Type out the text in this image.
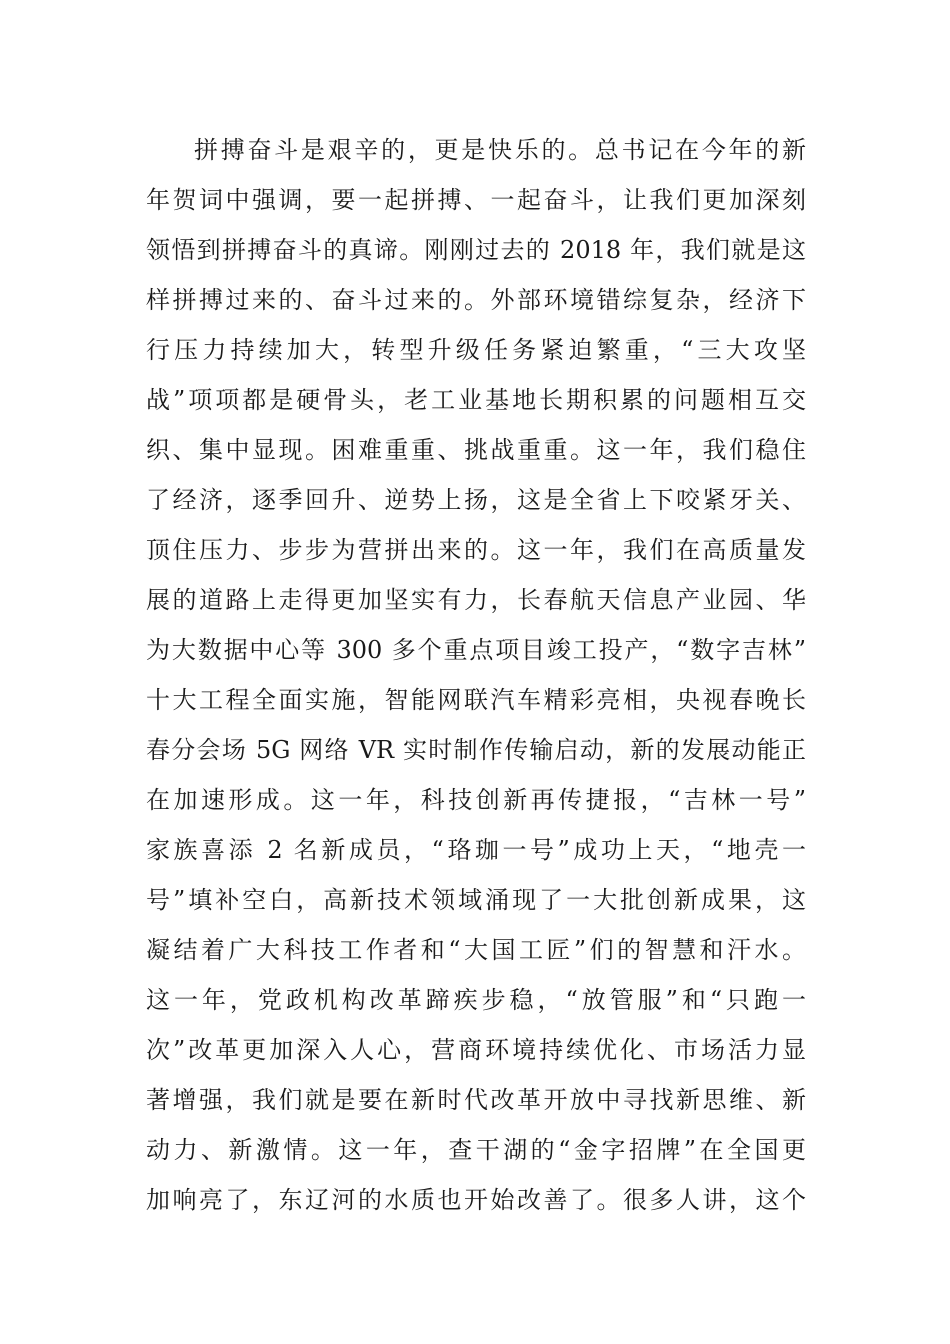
拼搏奋斗是艰辛的，更是快乐的。总书记在今年的新
年贺词中强调，要一起拼搏、一起奋斗，让我们更加深刻
领悟到拼搏奋斗的真谛。刚刚过去的 2018 年，我们就是这
样拼搏过来的、奋斗过来的。外部环境错综复杂，经济下
行压力持续加大，转型升级任务紧迫繁重，“三大攻坚
战”项项都是硬骨头，老工业基地长期积累的问题相互交
织、集中显现。困难重重、挑战重重。这一年，我们稳住
了经济，逐季回升、逆势上扬，这是全省上下咬紧牙关、
顶住压力、步步为营拼出来的。这一年，我们在高质量发
展的道路上走得更加坚实有力，长春航天信息产业园、华
为大数据中心等 300 多个重点项目竣工投产，“数字吉林”
十大工程全面实施，智能网联汽车精彩亮相，央视春晚长
春分会场 5G 网络 VR 实时制作传输启动，新的发展动能正
在加速形成。这一年，科技创新再传捷报，“吉林一号”
家族喜添 2 名新成员，“珞珈一号”成功上天，“地壳一
号”填补空白，高新技术领域涌现了一大批创新成果，这
凝结着广大科技工作者和“大国工匠”们的智慧和汗水。
这一年，党政机构改革蹄疾步稳，“放管服”和“只跑一
次”改革更加深入人心，营商环境持续优化、市场活力显
著增强，我们就是要在新时代改革开放中寻找新思维、新
动力、新激情。这一年，查干湖的“金字招牌”在全国更
加响亮了，东辽河的水质也开始改善了。很多人讲，这个
